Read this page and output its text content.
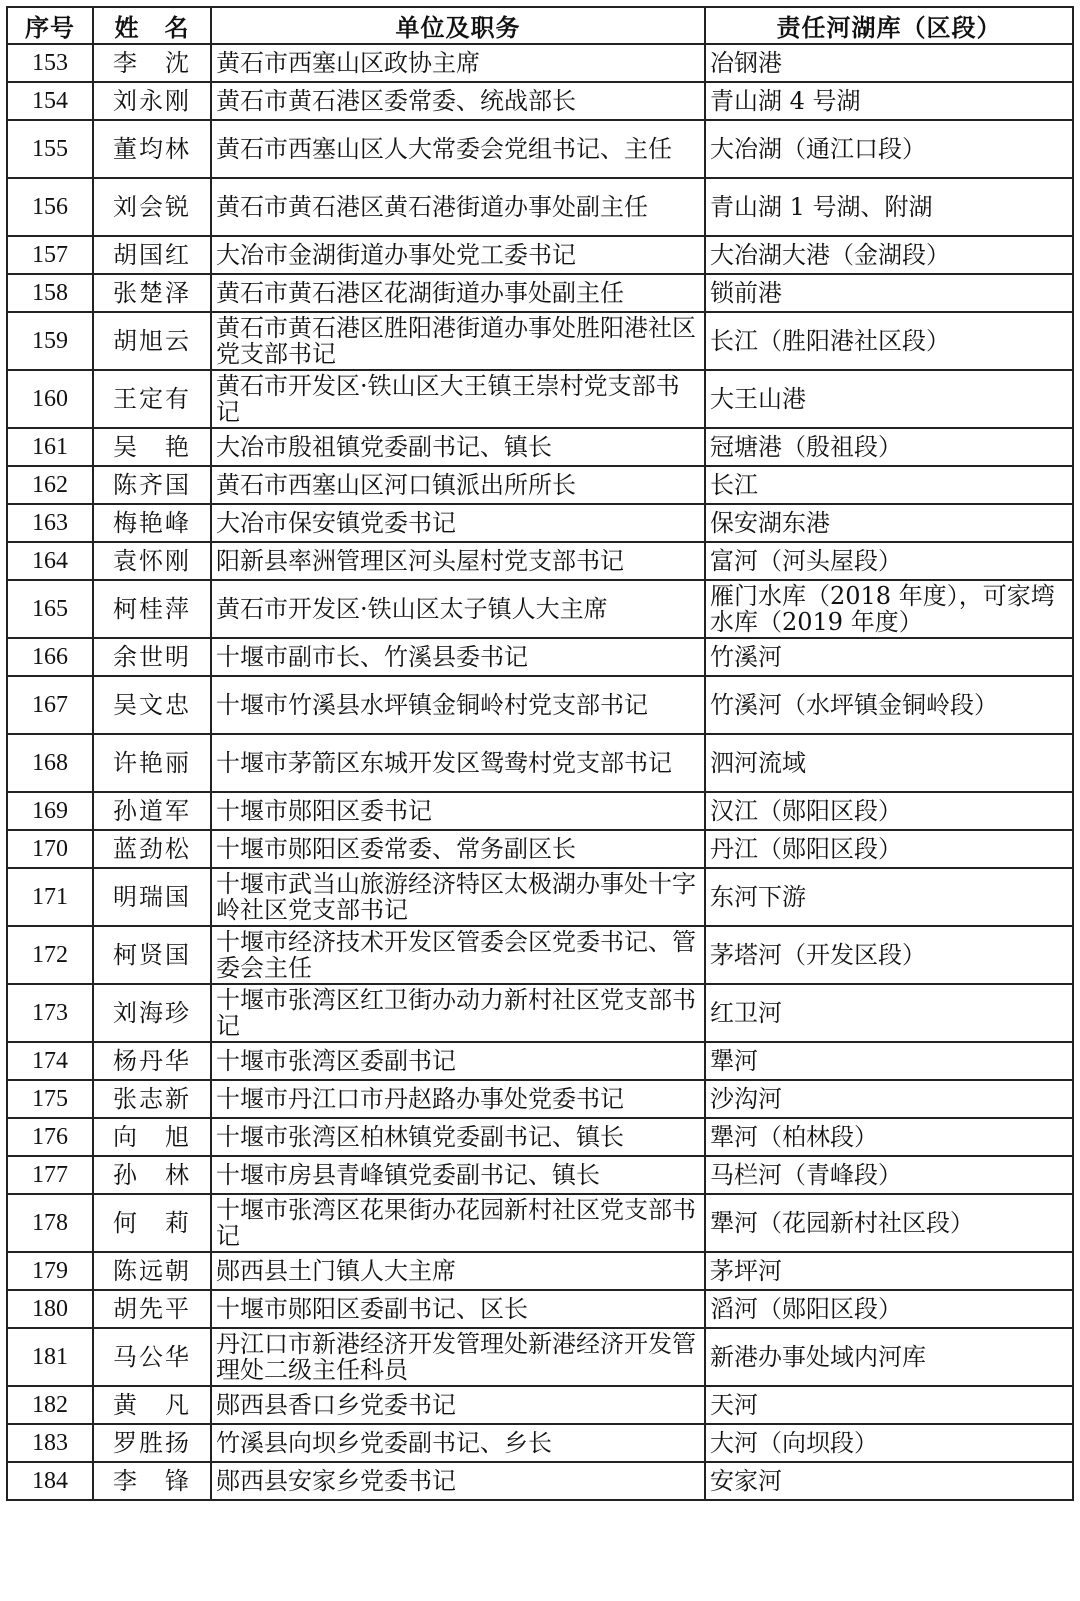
序号	姓　名	单位及职务	责任河湖库（区段）
153	李　沈	黄石市西塞山区政协主席	冶钢港
154	刘永刚	黄石市黄石港区委常委、统战部长	青山湖 4 号湖
155	董均林	黄石市西塞山区人大常委会党组书记、主任	大冶湖（通江口段）
156	刘会锐	黄石市黄石港区黄石港街道办事处副主任	青山湖 1 号湖、附湖
157	胡国红	大冶市金湖街道办事处党工委书记	大冶湖大港（金湖段）
158	张楚泽	黄石市黄石港区花湖街道办事处副主任	锁前港
159	胡旭云	黄石市黄石港区胜阳港街道办事处胜阳港社区党支部书记	长江（胜阳港社区段）
160	王定有	黄石市开发区·铁山区大王镇王崇村党支部书记	大王山港
161	吴　艳	大冶市殷祖镇党委副书记、镇长	冠塘港（殷祖段）
162	陈齐国	黄石市西塞山区河口镇派出所所长	长江
163	梅艳峰	大冶市保安镇党委书记	保安湖东港
164	袁怀刚	阳新县率洲管理区河头屋村党支部书记	富河（河头屋段）
165	柯桂萍	黄石市开发区·铁山区太子镇人大主席	雁门水库（2018 年度），可家塆水库（2019 年度）
166	余世明	十堰市副市长、竹溪县委书记	竹溪河
167	吴文忠	十堰市竹溪县水坪镇金铜岭村党支部书记	竹溪河（水坪镇金铜岭段）
168	许艳丽	十堰市茅箭区东城开发区鸳鸯村党支部书记	泗河流域
169	孙道军	十堰市郧阳区委书记	汉江（郧阳区段）
170	蓝劲松	十堰市郧阳区委常委、常务副区长	丹江（郧阳区段）
171	明瑞国	十堰市武当山旅游经济特区太极湖办事处十字岭社区党支部书记	东河下游
172	柯贤国	十堰市经济技术开发区管委会区党委书记、管委会主任	茅塔河（开发区段）
173	刘海珍	十堰市张湾区红卫街办动力新村社区党支部书记	红卫河
174	杨丹华	十堰市张湾区委副书记	犟河
175	张志新	十堰市丹江口市丹赵路办事处党委书记	沙沟河
176	向　旭	十堰市张湾区柏林镇党委副书记、镇长	犟河（柏林段）
177	孙　林	十堰市房县青峰镇党委副书记、镇长	马栏河（青峰段）
178	何　莉	十堰市张湾区花果街办花园新村社区党支部书记	犟河（花园新村社区段）
179	陈远朝	郧西县土门镇人大主席	茅坪河
180	胡先平	十堰市郧阳区委副书记、区长	滔河（郧阳区段）
181	马公华	丹江口市新港经济开发管理处新港经济开发管理处二级主任科员	新港办事处域内河库
182	黄　凡	郧西县香口乡党委书记	天河
183	罗胜扬	竹溪县向坝乡党委副书记、乡长	大河（向坝段）
184	李　锋	郧西县安家乡党委书记	安家河
